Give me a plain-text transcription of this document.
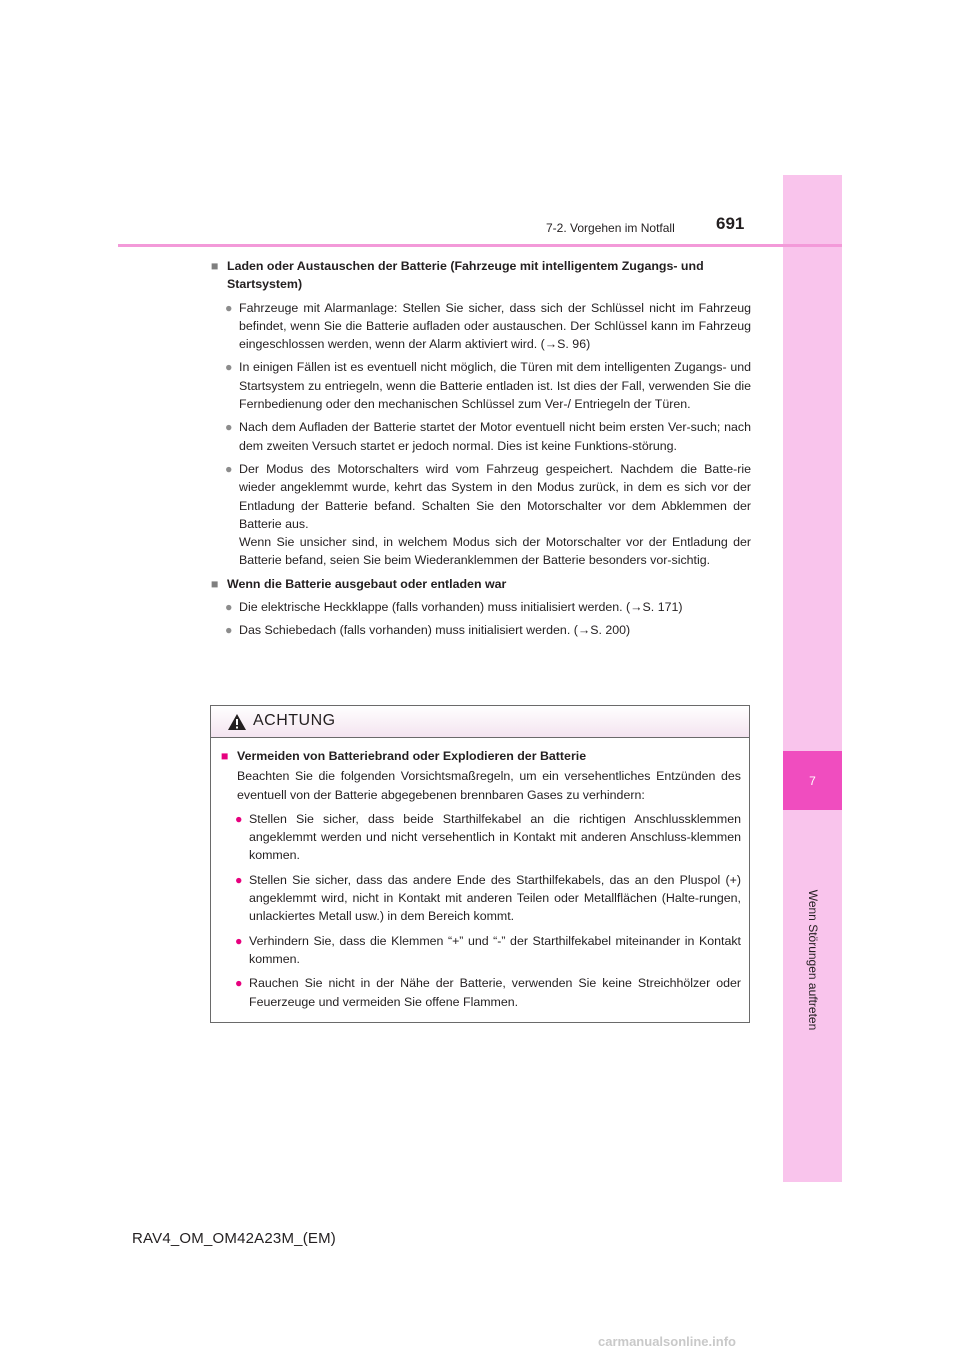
7
Wenn Störungen auftreten
7-2. Vorgehen im Notfall 691
■ Laden oder Austauschen der Batterie (Fahrzeuge mit intelligentem Zugangs- und Startsystem)
● Fahrzeuge mit Alarmanlage: Stellen Sie sicher, dass sich der Schlüssel nicht im Fahrzeug befindet, wenn Sie die Batterie aufladen oder austauschen. Der Schlüssel kann im Fahrzeug eingeschlossen werden, wenn der Alarm aktiviert wird. (→S. 96)
● In einigen Fällen ist es eventuell nicht möglich, die Türen mit dem intelligenten Zugangs- und Startsystem zu entriegeln, wenn die Batterie entladen ist. Ist dies der Fall, verwenden Sie die Fernbedienung oder den mechanischen Schlüssel zum Ver-/ Entriegeln der Türen.
● Nach dem Aufladen der Batterie startet der Motor eventuell nicht beim ersten Ver-such; nach dem zweiten Versuch startet er jedoch normal. Dies ist keine Funktions-störung.
● Der Modus des Motorschalters wird vom Fahrzeug gespeichert. Nachdem die Batte-rie wieder angeklemmt wurde, kehrt das System in den Modus zurück, in dem es sich vor der Entladung der Batterie befand. Schalten Sie den Motorschalter vor dem Abklemmen der Batterie aus.
Wenn Sie unsicher sind, in welchem Modus sich der Motorschalter vor der Entladung der Batterie befand, seien Sie beim Wiederanklemmen der Batterie besonders vor-sichtig.
■ Wenn die Batterie ausgebaut oder entladen war
● Die elektrische Heckklappe (falls vorhanden) muss initialisiert werden. (→S. 171)
● Das Schiebedach (falls vorhanden) muss initialisiert werden. (→S. 200)
ACHTUNG
■ Vermeiden von Batteriebrand oder Explodieren der Batterie
Beachten Sie die folgenden Vorsichtsmaßregeln, um ein versehentliches Entzünden des eventuell von der Batterie abgegebenen brennbaren Gases zu verhindern:
● Stellen Sie sicher, dass beide Starthilfekabel an die richtigen Anschlussklemmen angeklemmt werden und nicht versehentlich in Kontakt mit anderen Anschluss-klemmen kommen.
● Stellen Sie sicher, dass das andere Ende des Starthilfekabels, das an den Pluspol (+) angeklemmt wird, nicht in Kontakt mit anderen Teilen oder Metallflächen (Halte-rungen, unlackiertes Metall usw.) in dem Bereich kommt.
● Verhindern Sie, dass die Klemmen “+” und “-” der Starthilfekabel miteinander in Kontakt kommen.
● Rauchen Sie nicht in der Nähe der Batterie, verwenden Sie keine Streichhölzer oder Feuerzeuge und vermeiden Sie offene Flammen.
RAV4_OM_OM42A23M_(EM)
carmanualsonline.info
